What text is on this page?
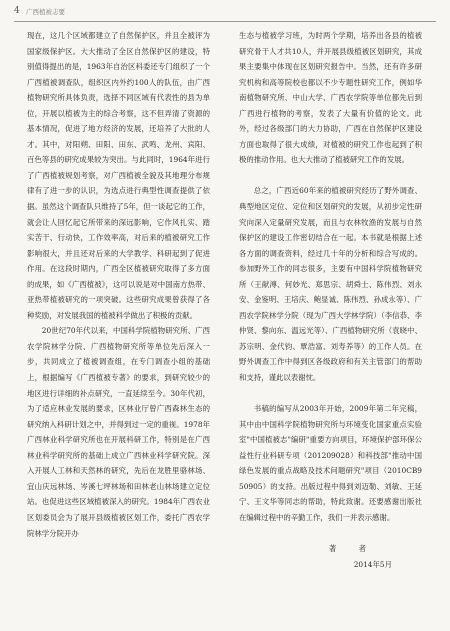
4 广西植被志要

现在，这几个区域都建立了自然保护区，并且全被评为国家级保护区。大大推动了全区自然保护区的建设，特别值得提出的是，1963年自治区科委还专门组织了一个广西植被调查队，组织区内外约100人的队伍，由广西植物研究所具体负责，选择不同区域有代表性的县为单位，开展以植被为主的综合考察，这不但弄清了资源的基本情况，促进了地方经济的发展，还培养了大批的人才。其中，对阳朔、田阳、田东、武鸣、龙州、宾阳、百色等县的研究成果较为突出。与此同时，1964年进行了广西植被规划考察，对广西植被全貌及其地理分布规律有了进一步的认识，为选点进行典型性调查提供了依据。虽然这个调查队只维持了5年，但一谈起它的工作，就会让人回忆起它所带来的深远影响，它作风扎实、踏实苦干、行动快，工作效率高，对后来的植被研究工作影响很大，并且还对后来的大学教学、科研起到了促进作用。在这段时期内，广西全区植被研究取得了多方面的成果，如《广西植被》，这可以说是对中国南方热带、亚热带植被研究的一项突破。这些研究成果曾获得了各种奖励，对发展我国的植被科学做出了积极的贡献。

20世纪70年代以来，中国科学院植物研究所、广西农学院林学分院、广西植物研究所等单位先后深入一步，共同成立了植被调查组，在专门调查小组的基础上，根据编写《广西植被专著》的要求，到研究较少的地区进行详细的补点研究，一直延续至今。30年代初，为了适应林业发展的要求，区林业厅曾广西森林生态的研究纳入科研计划之中，并得到过一定的重视。1978年广西林业科学研究所也在开展科研工作，特别是在广西林业科学研究所的基础上成立广西林业科学研究院。深入开展人工林和天然林的研究，先后在龙胜里骆林场、宜山庆远林场、岑溪七坪林场和田林老山林场建立定位站。也促进这些区域植被深入的研究。1984年广西农业区划委员会为了展开县级植被区划工作，委托广西农学院林学分院开办

生态与植被学习班，为时两个学期，培养出各县的植被研究骨干人才共10人，并开展县级植被区划研究，其成果主要集中体现在区划研究报告中。当然，还有许多研究机构和高等院校也都以不少专题性研究工作，例如华南植物研究所、中山大学、广西农学院等单位都先后到广西进行植物的考察，发表了大量有价值的论文。此外，经过各级部门的大力协助，广西在自然保护区建设方面也取得了很大成绩，对植被的研究工作也起到了积极的推动作用。也大大推动了植被研究工作的发展。

总之，广西近60年来的植被研究经历了野外调查、典型地区定位、定位和区划研究的发展，从初步定性研究向深入定量研究发展，而且与农林牧渔的发展与自然保护区的建设工作密切结合在一起。本书就是根据上述各方面的调查资料，经过几十年的分析和综合写成的。参加野外工作的同志很多，主要有中国科学院植物研究所（王献溥、何妙光、郑思宗、胡舜士、陈伟烈、刘永安、金鉴明、王培庆、鲍显诚、陈伟烈、孙成永等）、广西农学院林学分院（现为广西大学林学院）（李信恭、李仲贤、黎向东、温远光等）、广西植物研究所（袁晓中、苏宗明、金代钧、覃浩富、刘寿养等）的工作人员。在野外调查工作中得到区各级政府和有关主管部门的帮助和支持，谨此以表谢忱。

书稿的编写从2003年开始，2009年第二年完稿，其中由中国科学院植物研究所与环境变化国家重点实验室"中国植被志"编研"重要方向项目，环境保护部环保公益性行业科研专项（201209028）和科技部"推动中国绿色发展的重点战略及技术问题研究"项目（2010CB950905）的支持。出版过程中得到刘迈勒、刘敏、王延宁、王文华等同志的帮助，特此致谢。还要感谢出版社在编辑过程中的辛勤工作，我们一并表示感谢。

著 者
2014年5月
